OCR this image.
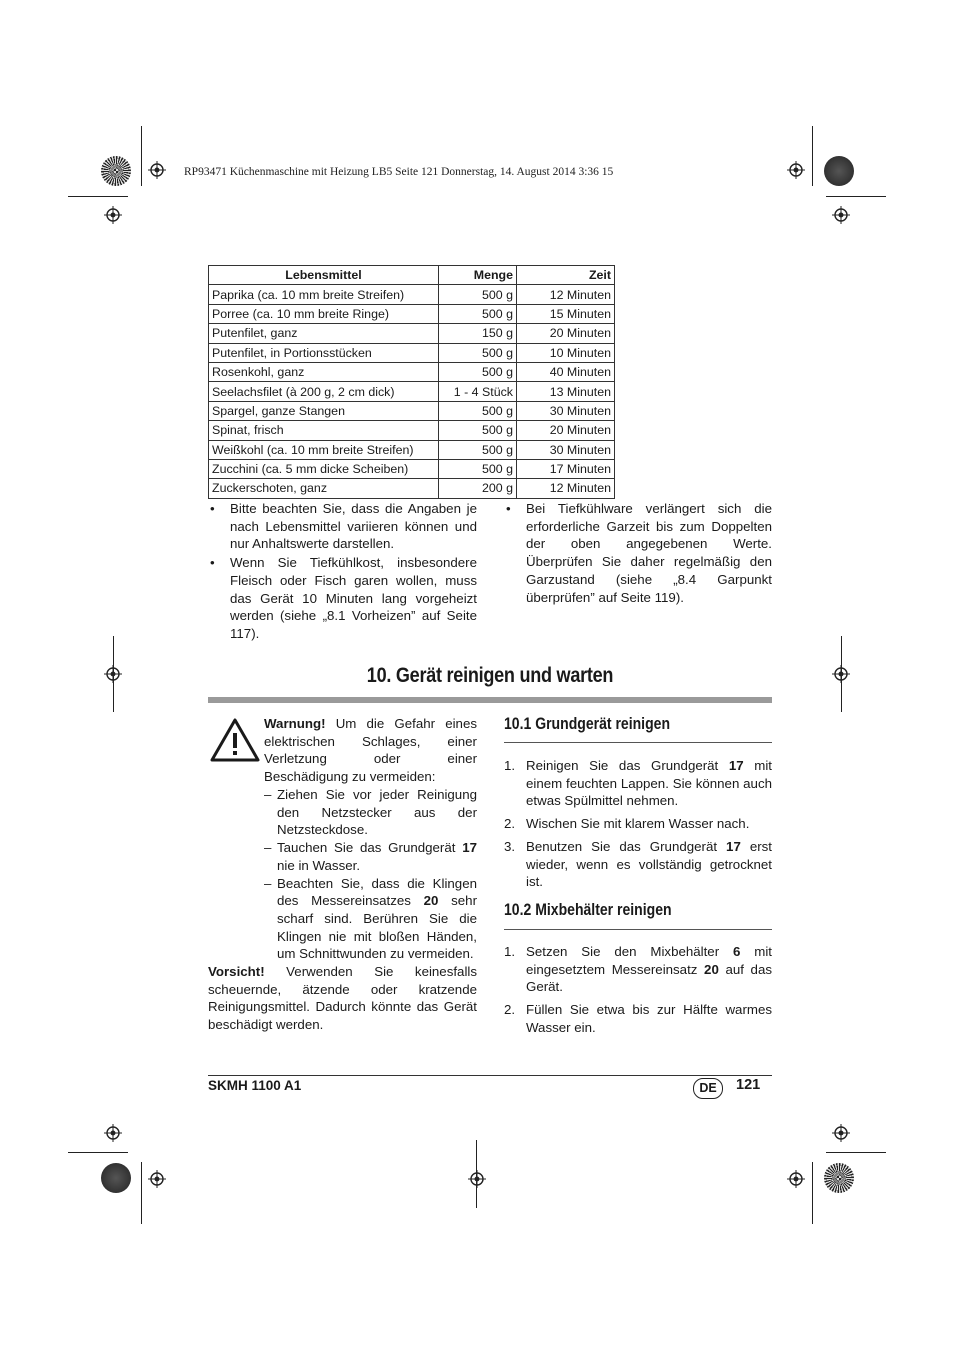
RP93471 Küchenmaschine mit Heizung LB5 Seite 121 Donnerstag, 14. August 2014 3:36 15
Lebensmittel	Menge	Zeit
Paprika (ca. 10 mm breite Streifen)	500 g	12 Minuten
Porree (ca. 10 mm breite Ringe)	500 g	15 Minuten
Putenfilet, ganz	150 g	20 Minuten
Putenfilet, in Portionsstücken	500 g	10 Minuten
Rosenkohl, ganz	500 g	40 Minuten
Seelachsfilet (à 200 g, 2 cm dick)	1 - 4 Stück	13 Minuten
Spargel, ganze Stangen	500 g	30 Minuten
Spinat, frisch	500 g	20 Minuten
Weißkohl (ca. 10 mm breite Streifen)	500 g	30 Minuten
Zucchini (ca. 5 mm dicke Scheiben)	500 g	17 Minuten
Zuckerschoten, ganz	200 g	12 Minuten
• Bitte beachten Sie, dass die Angaben je nach Lebensmittel variieren können und nur Anhaltswerte darstellen.
• Wenn Sie Tiefkühlkost, insbesondere Fleisch oder Fisch garen wollen, muss das Gerät 10 Minuten lang vorgeheizt werden (siehe „8.1 Vorheizen” auf Seite 117).
• Bei Tiefkühlware verlängert sich die erforderliche Garzeit bis zum Doppelten der oben angegebenen Werte. Überprüfen Sie daher regelmäßig den Garzustand (siehe „8.4 Garpunkt überprüfen” auf Seite 119).
10. Gerät reinigen und warten
Warnung! Um die Gefahr eines elektrischen Schlages, einer Verletzung oder einer Beschädigung zu vermeiden:
– Ziehen Sie vor jeder Reinigung den Netzstecker aus der Netzsteckdose.
– Tauchen Sie das Grundgerät 17 nie in Wasser.
– Beachten Sie, dass die Klingen des Messereinsatzes 20 sehr scharf sind. Berühren Sie die Klingen nie mit bloßen Händen, um Schnittwunden zu vermeiden.
Vorsicht! Verwenden Sie keinesfalls scheuernde, ätzende oder kratzende Reinigungsmittel. Dadurch könnte das Gerät beschädigt werden.
10.1 Grundgerät reinigen
1. Reinigen Sie das Grundgerät 17 mit einem feuchten Lappen. Sie können auch etwas Spülmittel nehmen.
2. Wischen Sie mit klarem Wasser nach.
3. Benutzen Sie das Grundgerät 17 erst wieder, wenn es vollständig getrocknet ist.
10.2 Mixbehälter reinigen
1. Setzen Sie den Mixbehälter 6 mit eingesetztem Messereinsatz 20 auf das Gerät.
2. Füllen Sie etwa bis zur Hälfte warmes Wasser ein.
SKMH 1100 A1	DE	121
